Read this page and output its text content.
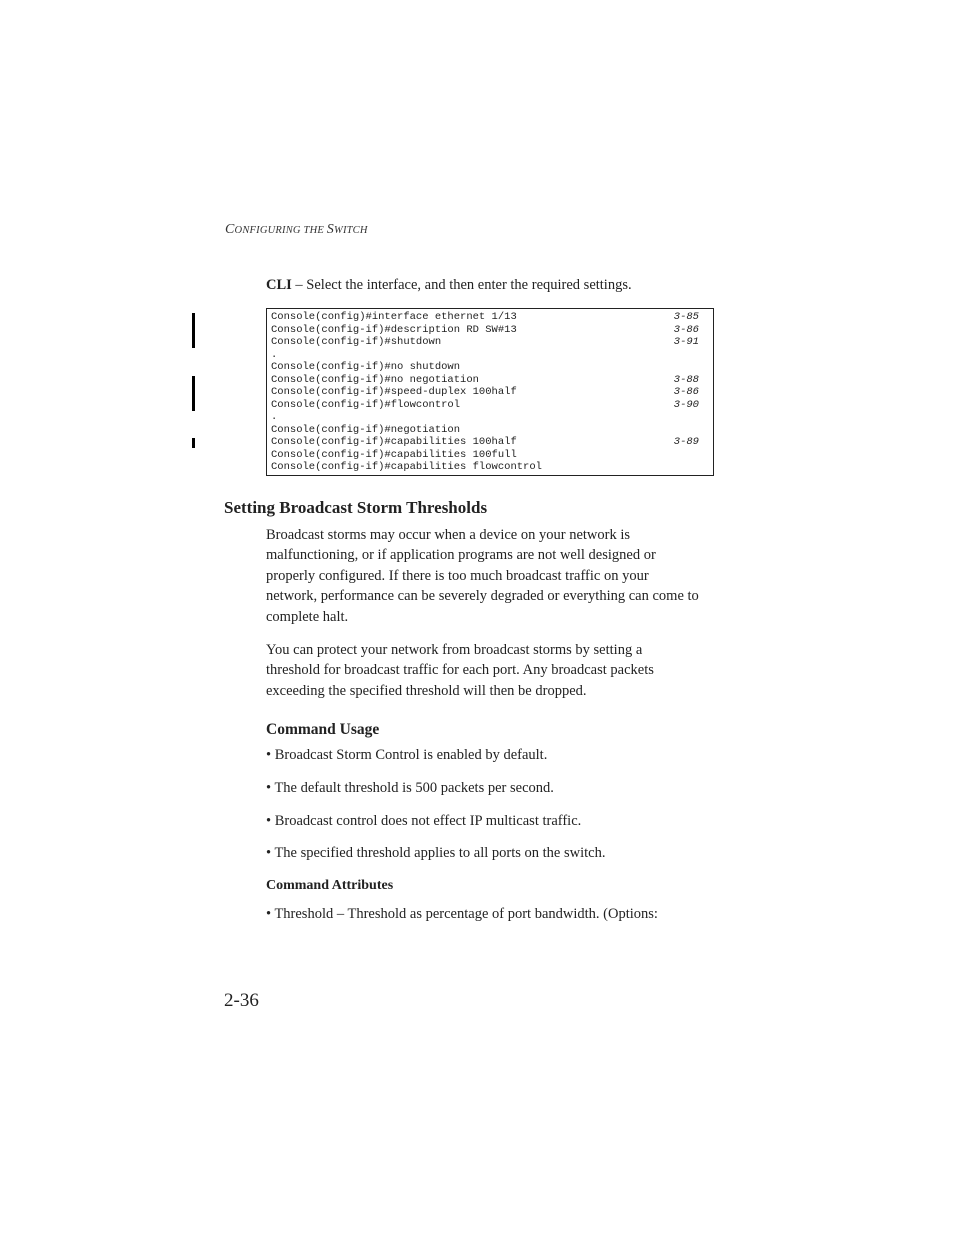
CONFIGURING THE SWITCH
CLI – Select the interface, and then enter the required settings.
Console(config)#interface ethernet 1/13	3-85
Console(config-if)#description RD SW#13	3-86
Console(config-if)#shutdown	3-91
.
Console(config-if)#no shutdown
Console(config-if)#no negotiation	3-88
Console(config-if)#speed-duplex 100half	3-86
Console(config-if)#flowcontrol	3-90
.
Console(config-if)#negotiation
Console(config-if)#capabilities 100half	3-89
Console(config-if)#capabilities 100full
Console(config-if)#capabilities flowcontrol
Setting Broadcast Storm Thresholds

Broadcast storms may occur when a device on your network is

malfunctioning, or if application programs are not well designed or

properly configured. If there is too much broadcast traffic on your

network, performance can be severely degraded or everything can come to

complete halt.

You can protect your network from broadcast storms by setting a

threshold for broadcast traffic for each port. Any broadcast packets

exceeding the specified threshold will then be dropped.

Command Usage
• Broadcast Storm Control is enabled by default.
• The default threshold is 500 packets per second.
• Broadcast control does not effect IP multicast traffic.
• The specified threshold applies to all ports on the switch.
Command Attributes
• Threshold – Threshold as percentage of port bandwidth. (Options:
2-36
